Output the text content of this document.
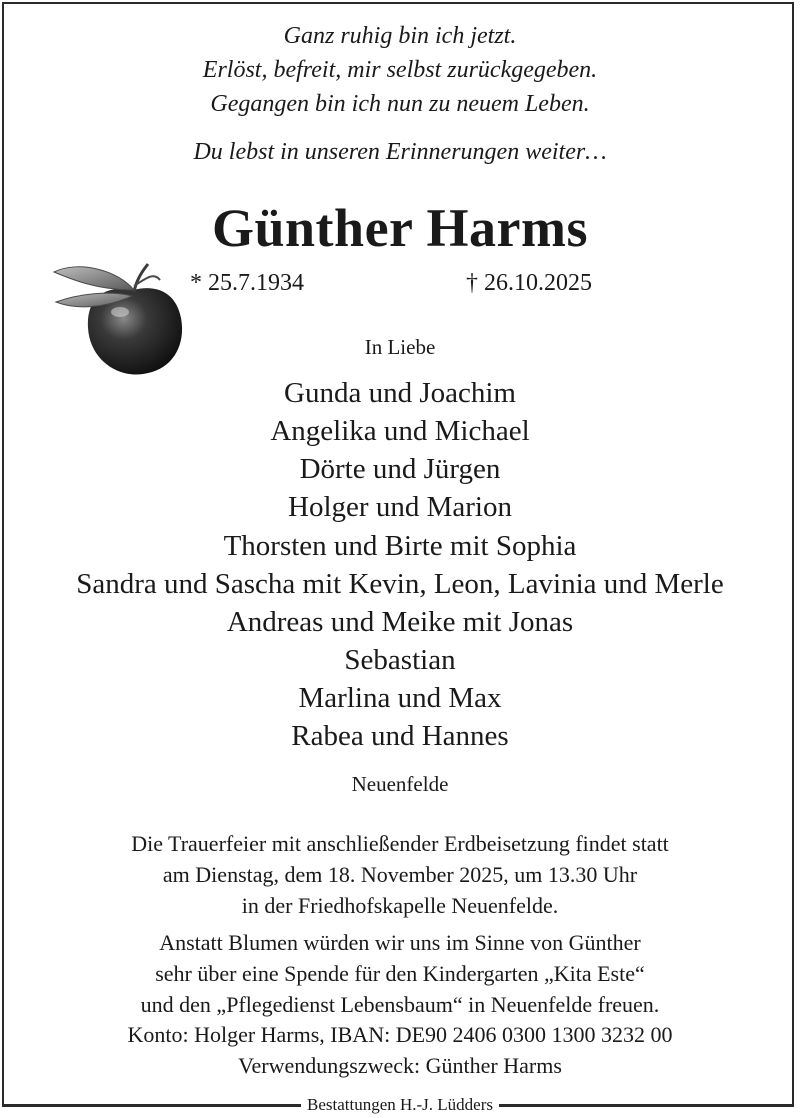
Ganz ruhig bin ich jetzt.
Erlöst, befreit, mir selbst zurückgegeben.
Gegangen bin ich nun zu neuem Leben.
Du lebst in unseren Erinnerungen weiter…
Günther Harms
* 25.7.1934	† 26.10.2025
In Liebe
Gunda und Joachim
Angelika und Michael
Dörte und Jürgen
Holger und Marion
Thorsten und Birte mit Sophia
Sandra und Sascha mit Kevin, Leon, Lavinia und Merle
Andreas und Meike mit Jonas
Sebastian
Marlina und Max
Rabea und Hannes
Neuenfelde
Die Trauerfeier mit anschließender Erdbeisetzung findet statt
am Dienstag, dem 18. November 2025, um 13.30 Uhr
in der Friedhofskapelle Neuenfelde.
Anstatt Blumen würden wir uns im Sinne von Günther
sehr über eine Spende für den Kindergarten „Kita Este“
und den „Pflegedienst Lebensbaum“ in Neuenfelde freuen.
Konto: Holger Harms, IBAN: DE90 2406 0300 1300 3232 00
Verwendungszweck: Günther Harms
Bestattungen H.-J. Lüdders
